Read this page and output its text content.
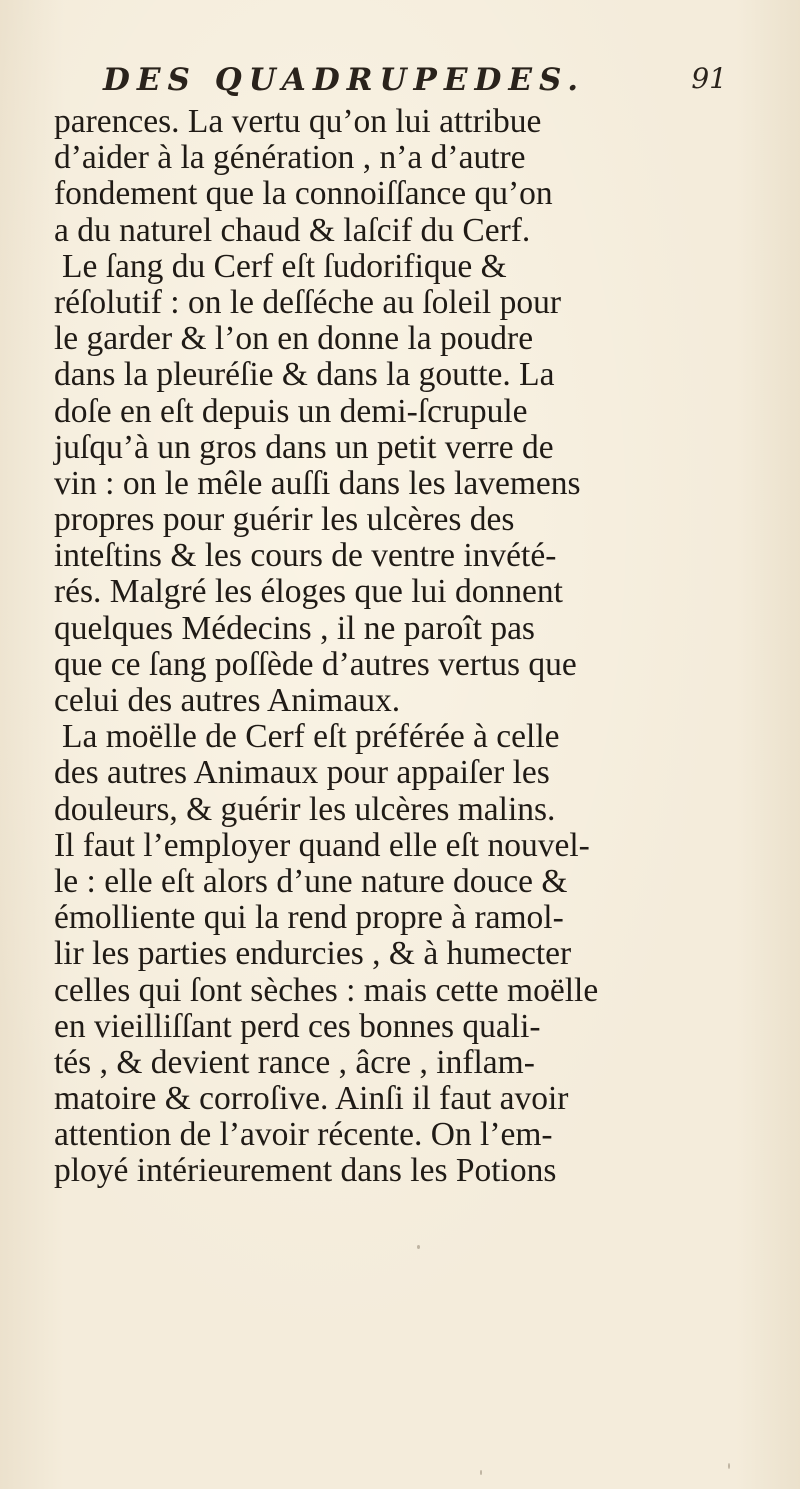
DES QUADRUPEDES.	91
parences. La vertu qu’on lui attribue
d’aider à la génération , n’a d’autre
fondement que la connoiſſance qu’on
a du naturel chaud & laſcif du Cerf.
Le ſang du Cerf eſt ſudorifique &
réſolutif : on le deſſéche au ſoleil pour
le garder & l’on en donne la poudre
dans la pleuréſie & dans la goutte. La
doſe en eſt depuis un demi-ſcrupule
juſqu’à un gros dans un petit verre de
vin : on le mêle auſſi dans les lavemens
propres pour guérir les ulcères des
inteſtins & les cours de ventre invété-
rés. Malgré les éloges que lui donnent
quelques Médecins , il ne paroît pas
que ce ſang poſſède d’autres vertus que
celui des autres Animaux.
La moëlle de Cerf eſt préférée à celle
des autres Animaux pour appaiſer les
douleurs, & guérir les ulcères malins.
Il faut l’employer quand elle eſt nouvel-
le : elle eſt alors d’une nature douce &
émolliente qui la rend propre à ramol-
lir les parties endurcies , & à humecter
celles qui ſont sèches : mais cette moëlle
en vieilliſſant perd ces bonnes quali-
tés , & devient rance , âcre , inflam-
matoire & corroſive. Ainſi il faut avoir
attention de l’avoir récente. On l’em-
ployé intérieurement dans les Potions
